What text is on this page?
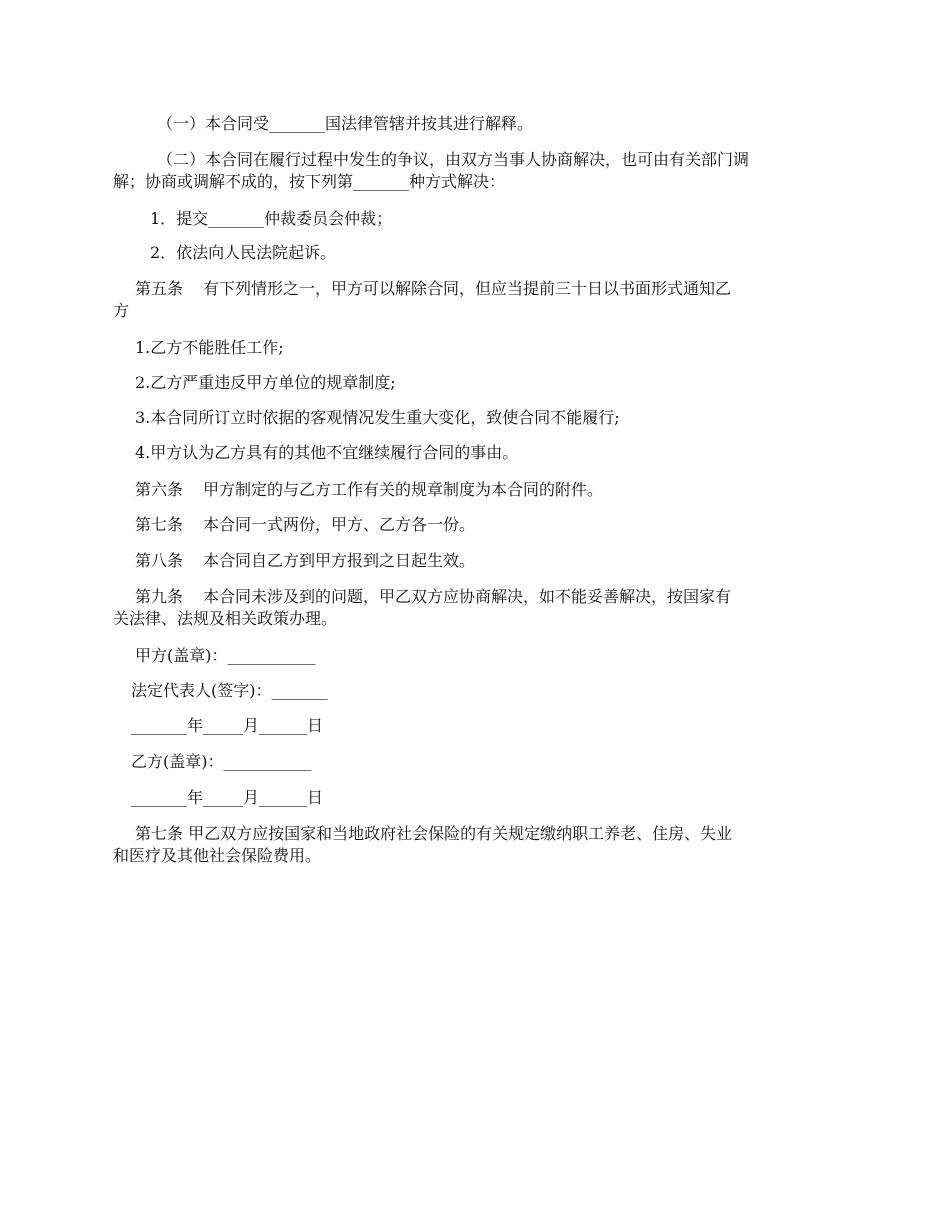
（一）本合同受_______国法律管辖并按其进行解释。
（二）本合同在履行过程中发生的争议，由双方当事人协商解决，也可由有关部门调
解；协商或调解不成的，按下列第_______种方式解决：
1．提交_______仲裁委员会仲裁；
2．依法向人民法院起诉。
第五条 有下列情形之一，甲方可以解除合同，但应当提前三十日以书面形式通知乙
方
1.乙方不能胜任工作;
2.乙方严重违反甲方单位的规章制度;
3.本合同所订立时依据的客观情况发生重大变化，致使合同不能履行;
4.甲方认为乙方具有的其他不宜继续履行合同的事由。
第六条 甲方制定的与乙方工作有关的规章制度为本合同的附件。
第七条 本合同一式两份，甲方、乙方各一份。
第八条 本合同自乙方到甲方报到之日起生效。
第九条 本合同未涉及到的问题，甲乙双方应协商解决，如不能妥善解决，按国家有
关法律、法规及相关政策办理。
甲方(盖章)：___________
法定代表人(签字)：_______
_______年_____月______日
乙方(盖章)：___________
_______年_____月______日
第七条 甲乙双方应按国家和当地政府社会保险的有关规定缴纳职工养老、住房、失业
和医疗及其他社会保险费用。
